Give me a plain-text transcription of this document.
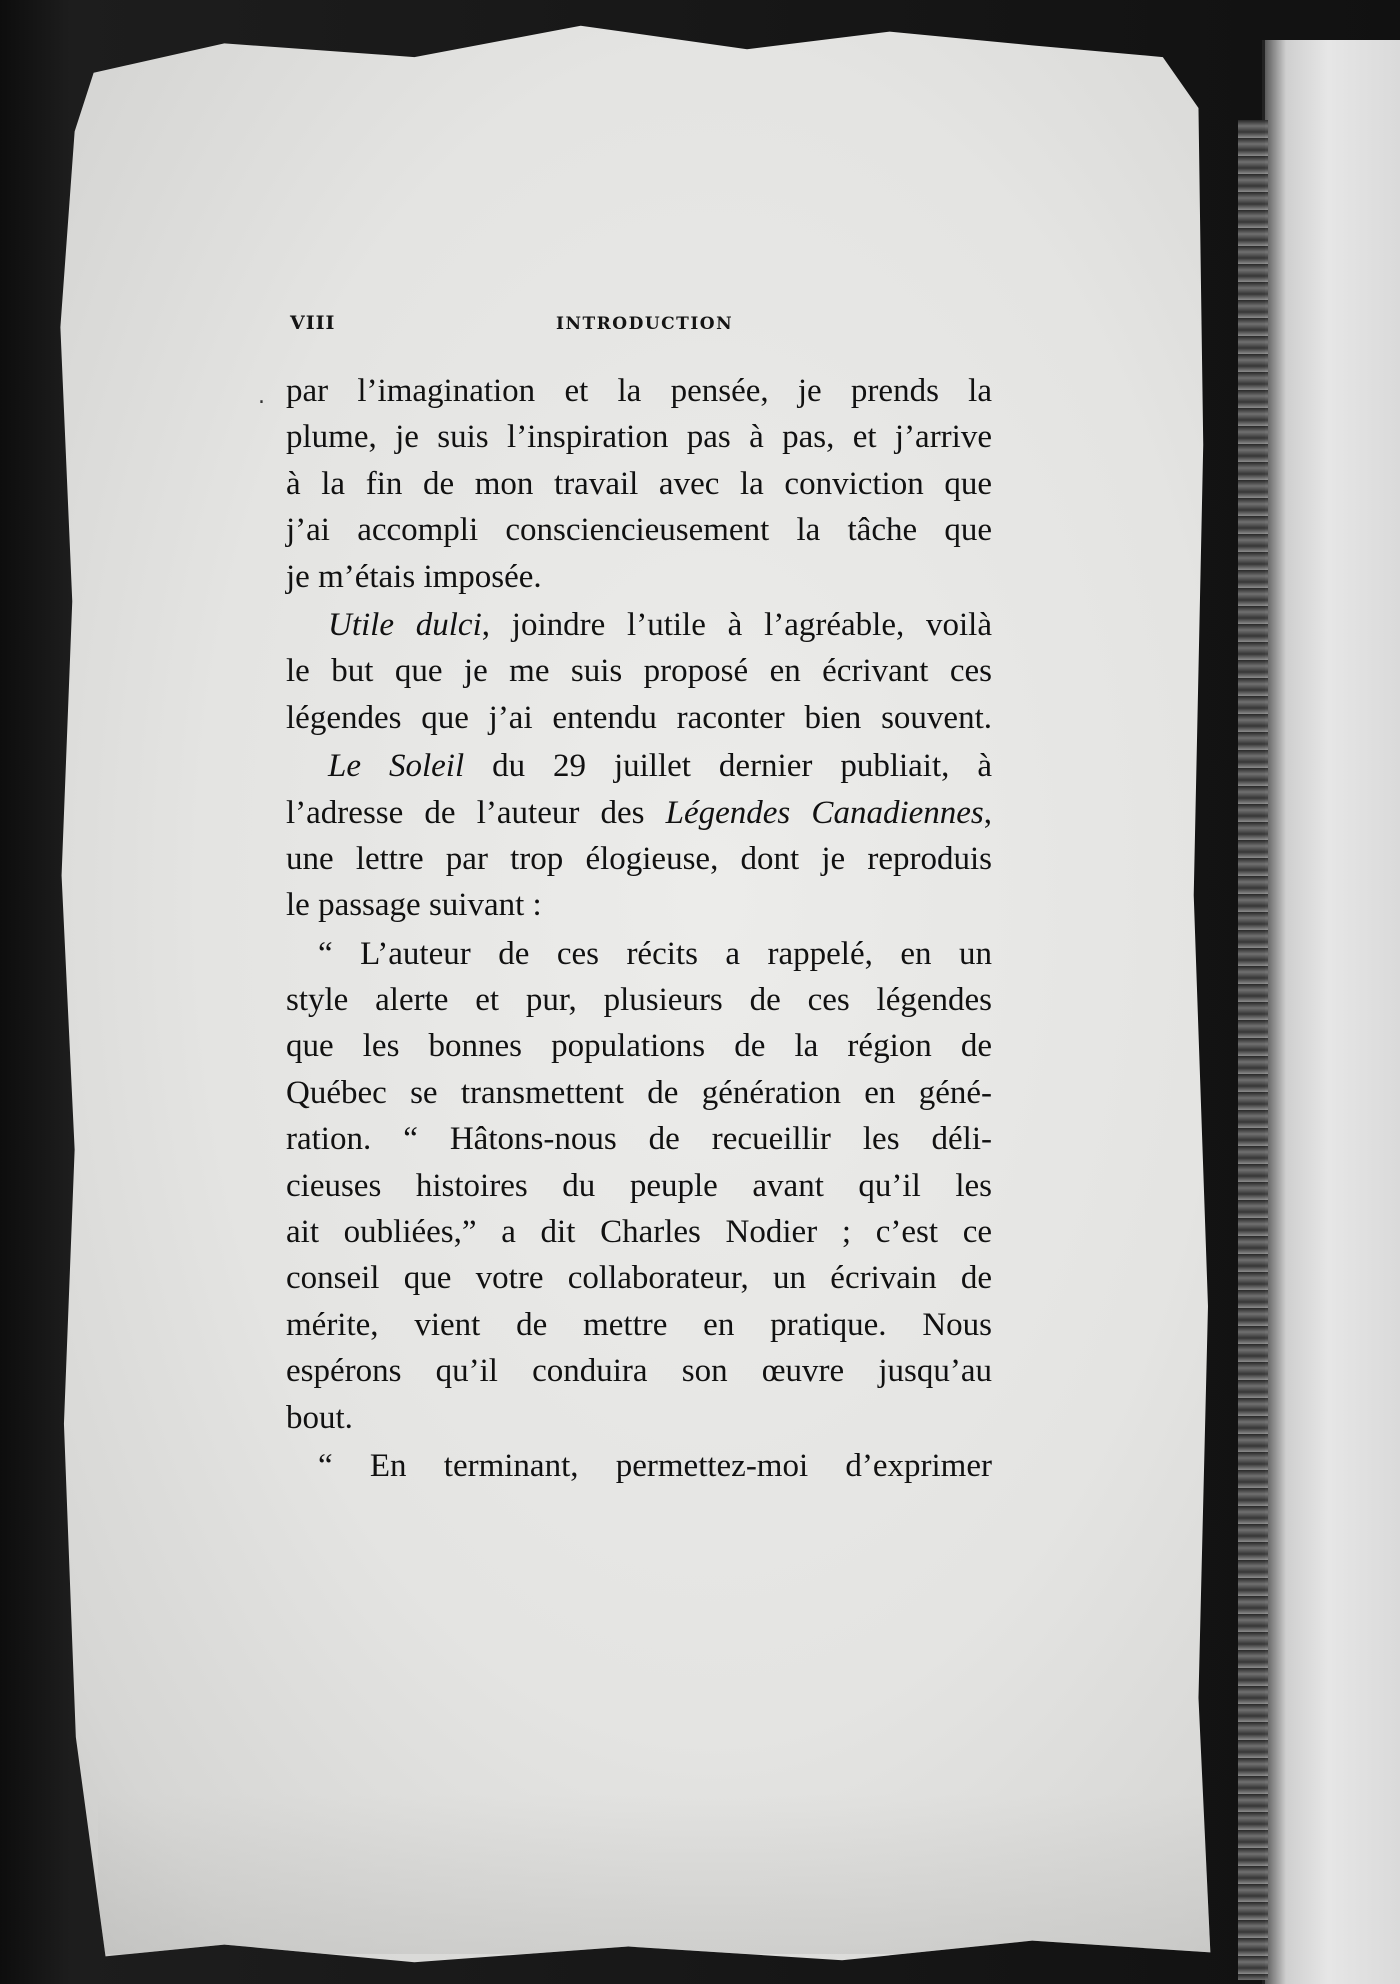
VIII	INTRODUCTION
par l’imagination et la pensée, je prends la
plume, je suis l’inspiration pas à pas, et j’arrive
à la fin de mon travail avec la conviction que
j’ai accompli consciencieusement la tâche que
je m’étais imposée.
Utile dulci, joindre l’utile à l’agréable, voilà
le but que je me suis proposé en écrivant ces
légendes que j’ai entendu raconter bien souvent.
Le Soleil du 29 juillet dernier publiait, à
l’adresse de l’auteur des Légendes Canadiennes,
une lettre par trop élogieuse, dont je reproduis
le passage suivant :
“ L’auteur de ces récits a rappelé, en un
style alerte et pur, plusieurs de ces légendes
que les bonnes populations de la région de
Québec se transmettent de génération en géné-
ration. “ Hâtons-nous de recueillir les déli-
cieuses histoires du peuple avant qu’il les
ait oubliées,” a dit Charles Nodier ; c’est ce
conseil que votre collaborateur, un écrivain de
mérite, vient de mettre en pratique. Nous
espérons qu’il conduira son œuvre jusqu’au
bout.
“ En terminant, permettez-moi d’exprimer
.
